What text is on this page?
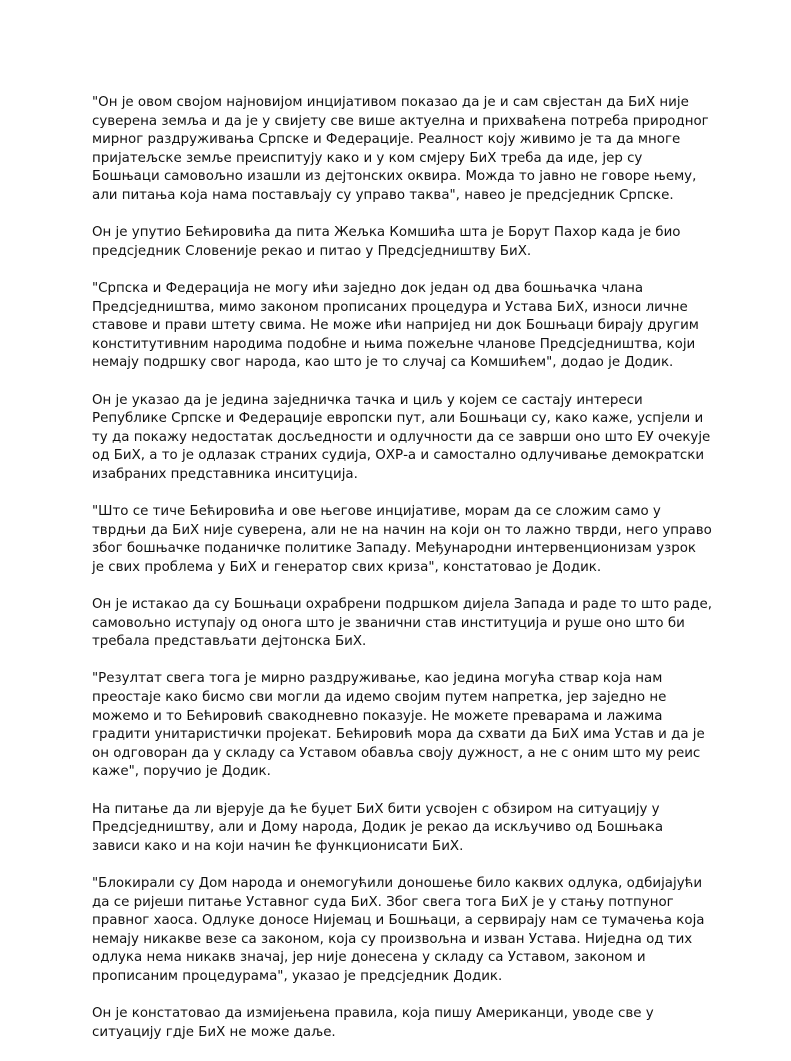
"Он је овом својом најновијом инцијативом показао да је и сам свјестан да БиХ није суверена земља и да је у свијету све више актуелна и прихваћена потреба природног мирног раздруживања Српске и Федерације. Реалност коју живимо је та да многе пријатељске земље преиспитују како и у ком смјеру БиХ треба да иде, јер су Бошњаци самовољно изашли из дејтонских оквира. Можда то јавно не говоре њему, али питања која нама постављају су управо таква", навео је предсједник Српске.

Он је упутио Бећировића да пита Жељка Комшића шта је Борут Пахор када је био предсједник Словеније рекао и питао у Предсједништву БиХ.

"Српска и Федерација не могу ићи заједно док један од два бошњачка члана Предсједништва, мимо законом прописаних процедура и Устава БиХ, износи личне ставове и прави штету свима. Не може ићи напријед ни док Бошњаци бирају другим конститутивним народима подобне и њима пожељне чланове Предсједништва, који немају подршку свог народа, као што је то случај са Комшићем", додао је Додик.

Он је указао да је једина заједничка тачка и циљ у којем се састају интереси Републике Српске и Федерације европски пут, али Бошњаци су, како каже, успјели и ту да покажу недостатак досљедности и одлучности да се заврши оно што ЕУ очекује од БиХ, а то је одлазак страних судија, ОХР-а и самостално одлучивање демократски изабраних представника инситуција.

"Што се тиче Бећировића и ове његове инцијативе, морам да се сложим само у тврдњи да БиХ није суверена, али не на начин на који он то лажно тврди, него управо због бошњачке поданичке политике Западу. Међународни интервенционизам узрок је свих проблема у БиХ и генератор свих криза", констатовао је Додик.

Он је истакао да су Бошњаци охрабрени подршком дијела Запада и раде то што раде, самовољно иступају од онога што је званични став институција и руше оно што би требала представљати дејтонска БиХ.

"Резултат свега тога је мирно раздруживање, као једина могућа ствар која нам преостаје како бисмо сви могли да идемо својим путем напретка, јер заједно не можемо и то Бећировић свакодневно показује. Не можете преварама и лажима градити унитаристички пројекат. Бећировић мора да схвати да БиХ има Устав и да је он одговоран да у складу са Уставом обавља своју дужност, а не с оним што му реис каже", поручио је Додик.

На питање да ли вјерује да ће буџет БиХ бити усвојен с обзиром на ситуацију у Предсједништву, али и Дому народа, Додик је рекао да искључиво од Бошњака зависи како и на који начин ће функционисати БиХ.

"Блокирали су Дом народа и онемогућили доношење било каквих одлука, одбијајући да се ријеши питање Уставног суда БиХ. Због свега тога БиХ је у стању потпуног правног хаоса. Одлуке доносе Нијемац и Бошњаци, а сервирају нам се тумачења која немају никакве везе са законом, која су произвољна и изван Устава. Ниједна од тих одлука нема никакв значај, јер није донесена у складу са Уставом, законом и прописаним процедурама", указао је предсједник Додик.

Он је констатовао да измијењена правила, која пишу Американци, уводе све у ситуацију гдје БиХ не може даље.
